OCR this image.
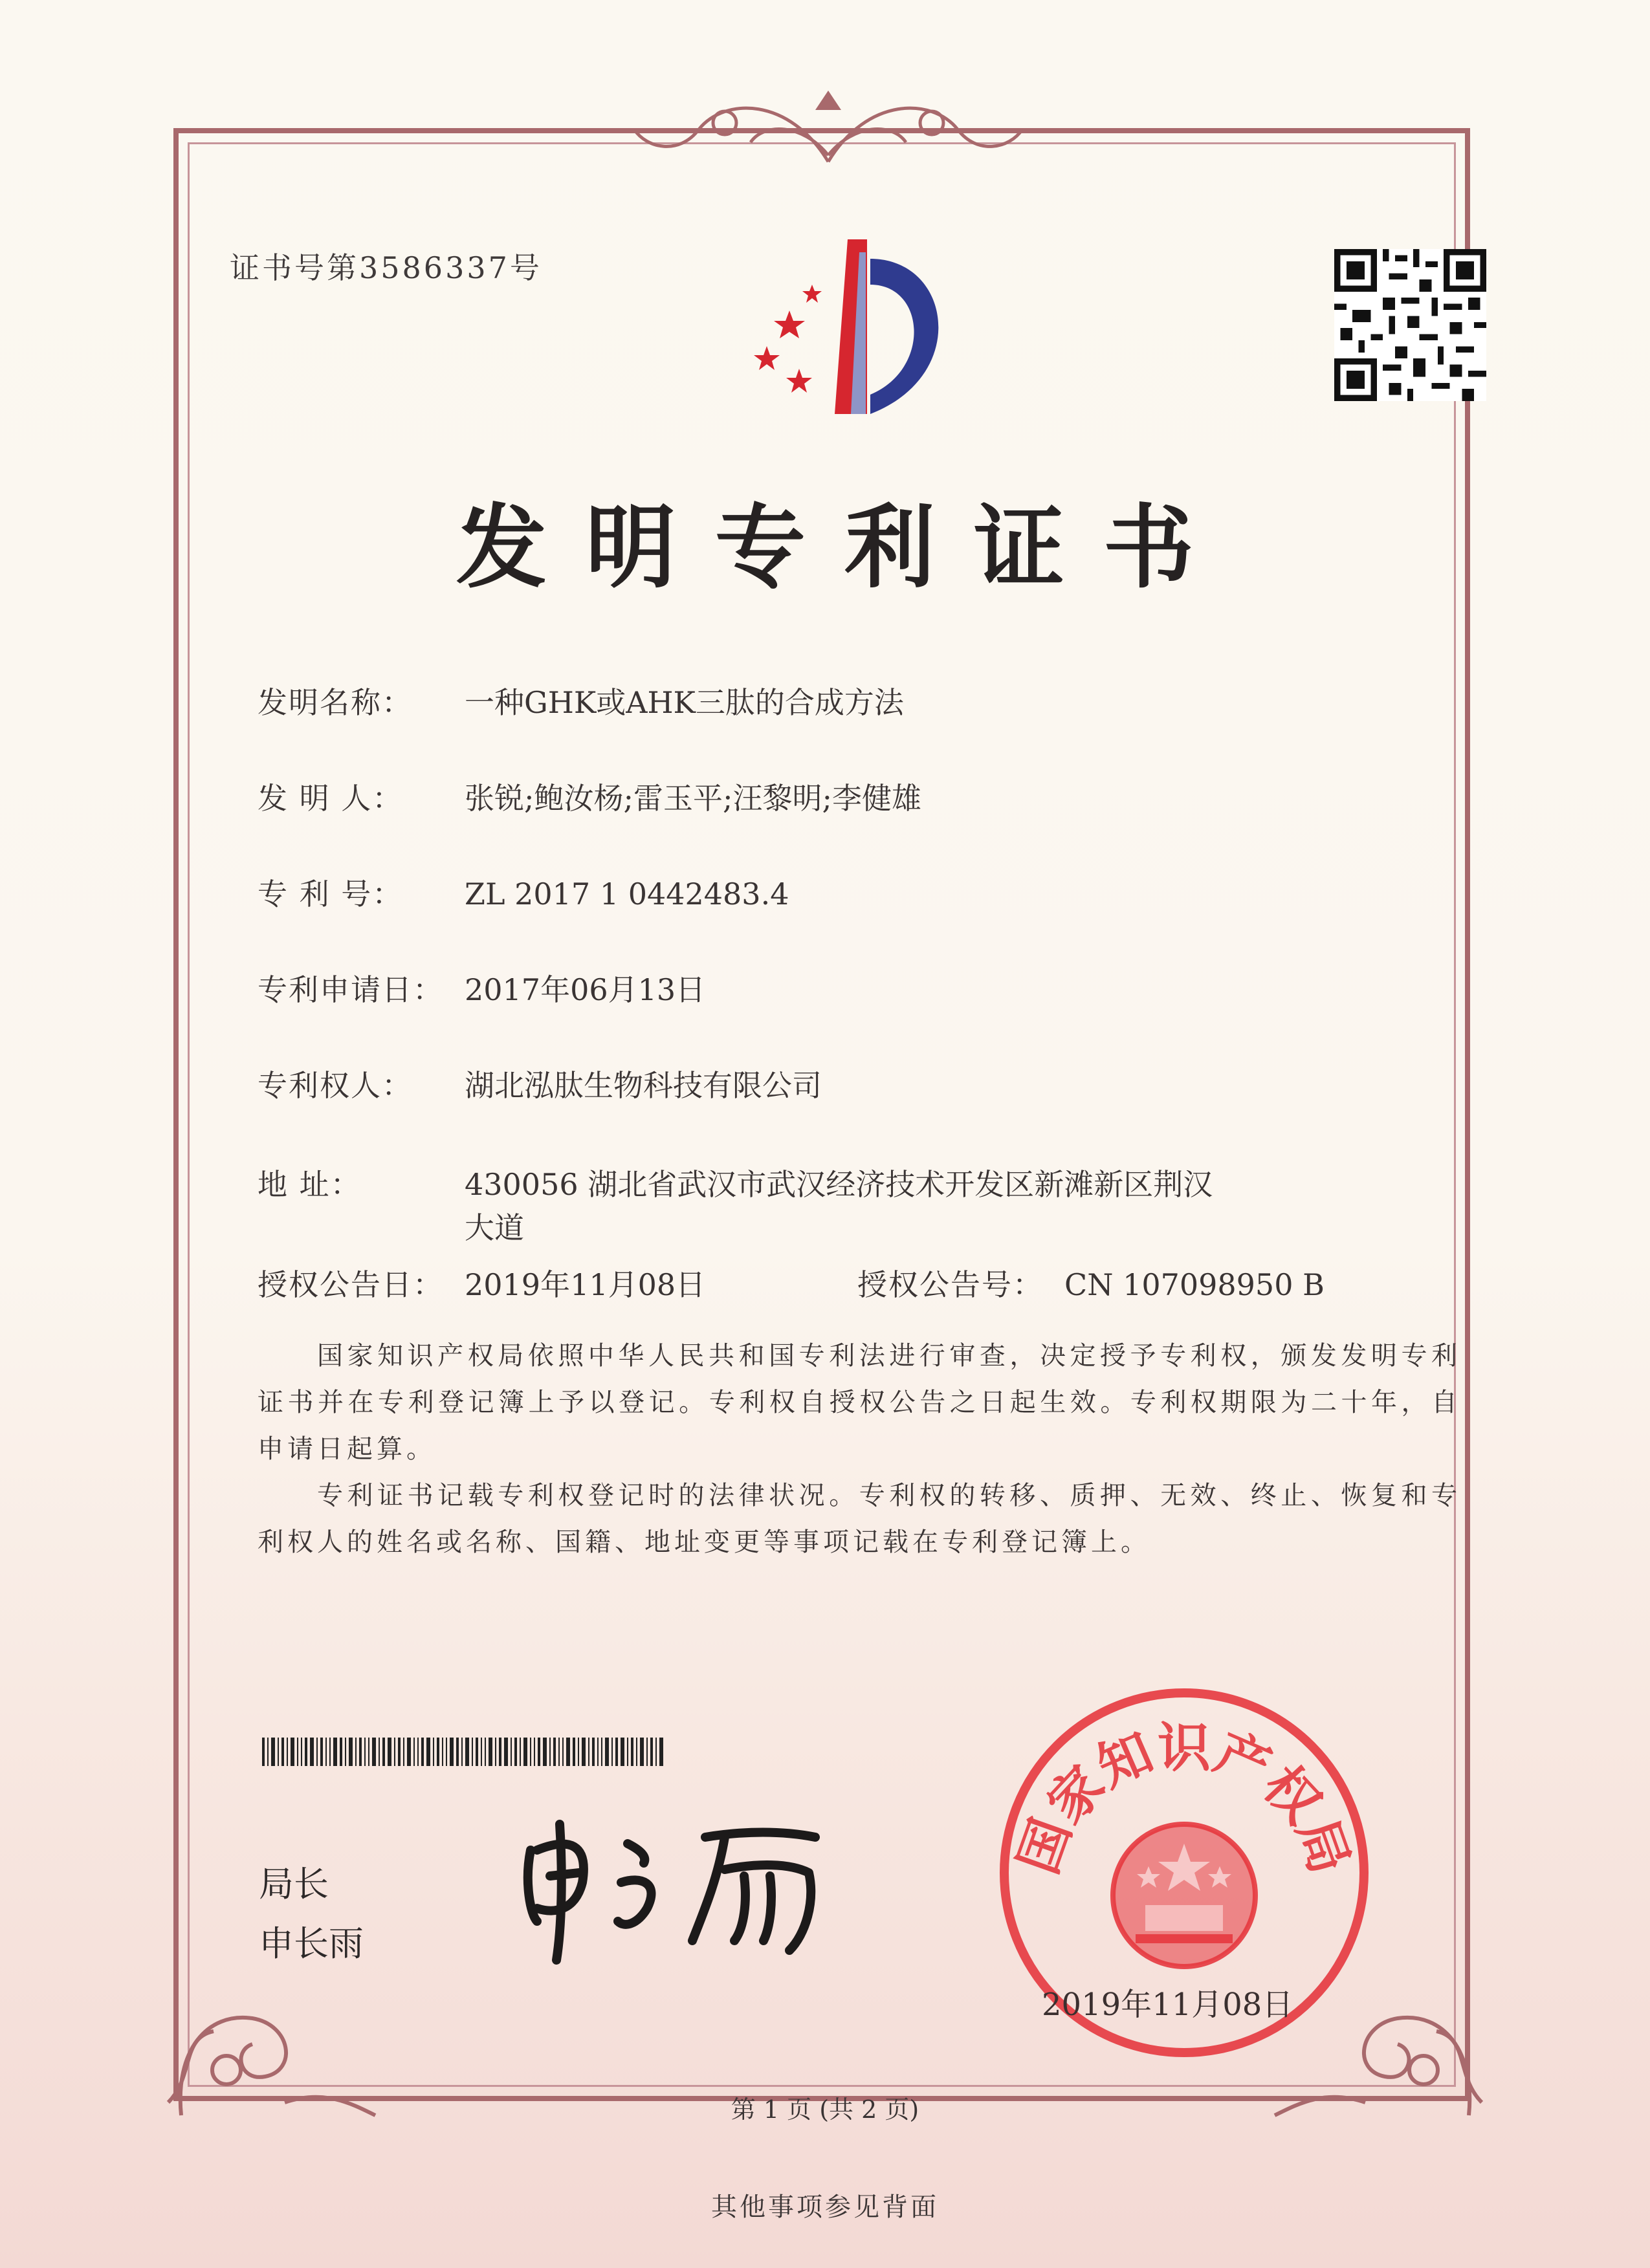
证书号第3586337号
发明专利证书
发明名称： 一种GHK或AHK三肽的合成方法
发 明 人： 张锐;鲍汝杨;雷玉平;汪黎明;李健雄
专 利 号： ZL 2017 1 0442483.4
专利申请日： 2017年06月13日
专利权人： 湖北泓肽生物科技有限公司
地 址：	430056 湖北省武汉市武汉经济技术开发区新滩新区荆汉
大道
授权公告日： 2019年11月08日	授权公告号： CN 107098950 B
国家知识产权局依照中华人民共和国专利法进行审查，决定授予专利权，颁发发明专利证书并在专利登记簿上予以登记。专利权自授权公告之日起生效。专利权期限为二十年，自申请日起算。
专利证书记载专利权登记时的法律状况。专利权的转移、质押、无效、终止、恢复和专利权人的姓名或名称、国籍、地址变更等事项记载在专利登记簿上。
局长
申长雨
国家知识产权局
2019年11月08日
第 1 页 (共 2 页)
其他事项参见背面
